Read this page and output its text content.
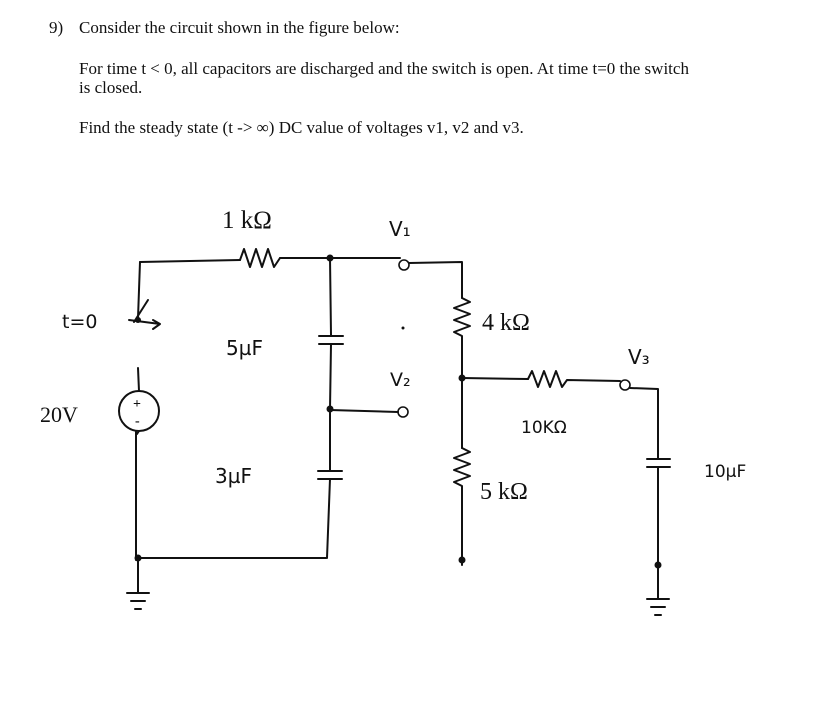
9) Consider the circuit shown in the figure below:
For time t < 0, all capacitors are discharged and the switch is open. At time t=0 the switch
is closed.
Find the steady state (t -> ∞) DC value of voltages v1, v2 and v3.
+
-
t=0
20V
1 kΩ	V₁
5µF
V₂
4 kΩ
V₃
10KΩ
3µF
5 kΩ
10µF
